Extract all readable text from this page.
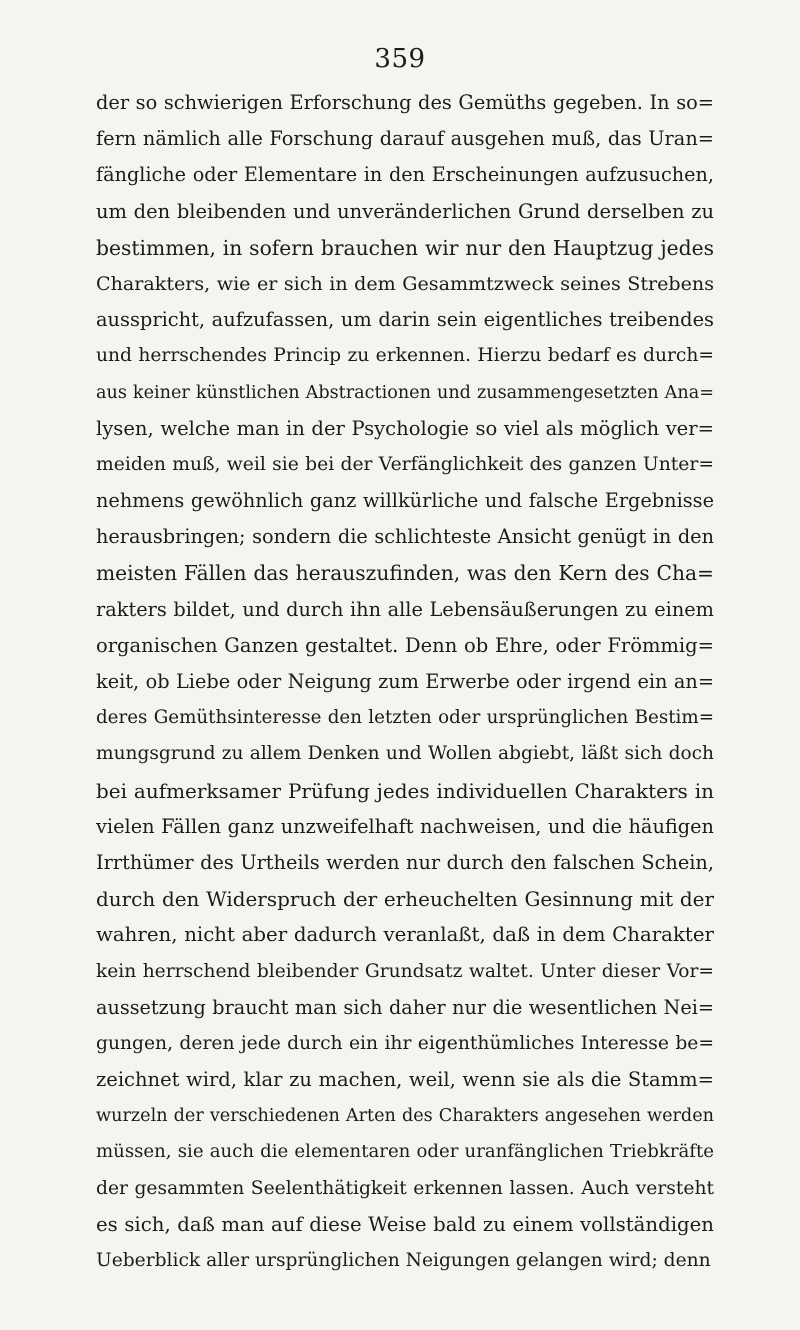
359
der so schwierigen Erforschung des Gemüths gegeben. In so=
fern nämlich alle Forschung darauf ausgehen muß, das Uran=
fängliche oder Elementare in den Erscheinungen aufzusuchen,
um den bleibenden und unveränderlichen Grund derselben zu
bestimmen, in sofern brauchen wir nur den Hauptzug jedes
Charakters, wie er sich in dem Gesammtzweck seines Strebens
ausspricht, aufzufassen, um darin sein eigentliches treibendes
und herrschendes Princip zu erkennen. Hierzu bedarf es durch=
aus keiner künstlichen Abstractionen und zusammengesetzten Ana=
lysen, welche man in der Psychologie so viel als möglich ver=
meiden muß, weil sie bei der Verfänglichkeit des ganzen Unter=
nehmens gewöhnlich ganz willkürliche und falsche Ergebnisse
herausbringen; sondern die schlichteste Ansicht genügt in den
meisten Fällen das herauszufinden, was den Kern des Cha=
rakters bildet, und durch ihn alle Lebensäußerungen zu einem
organischen Ganzen gestaltet. Denn ob Ehre, oder Frömmig=
keit, ob Liebe oder Neigung zum Erwerbe oder irgend ein an=
deres Gemüthsinteresse den letzten oder ursprünglichen Bestim=
mungsgrund zu allem Denken und Wollen abgiebt, läßt sich doch
bei aufmerksamer Prüfung jedes individuellen Charakters in
vielen Fällen ganz unzweifelhaft nachweisen, und die häufigen
Irrthümer des Urtheils werden nur durch den falschen Schein,
durch den Widerspruch der erheuchelten Gesinnung mit der
wahren, nicht aber dadurch veranlaßt, daß in dem Charakter
kein herrschend bleibender Grundsatz waltet. Unter dieser Vor=
aussetzung braucht man sich daher nur die wesentlichen Nei=
gungen, deren jede durch ein ihr eigenthümliches Interesse be=
zeichnet wird, klar zu machen, weil, wenn sie als die Stamm=
wurzeln der verschiedenen Arten des Charakters angesehen werden
müssen, sie auch die elementaren oder uranfänglichen Triebkräfte
der gesammten Seelenthätigkeit erkennen lassen. Auch versteht
es sich, daß man auf diese Weise bald zu einem vollständigen
Ueberblick aller ursprünglichen Neigungen gelangen wird; denn
